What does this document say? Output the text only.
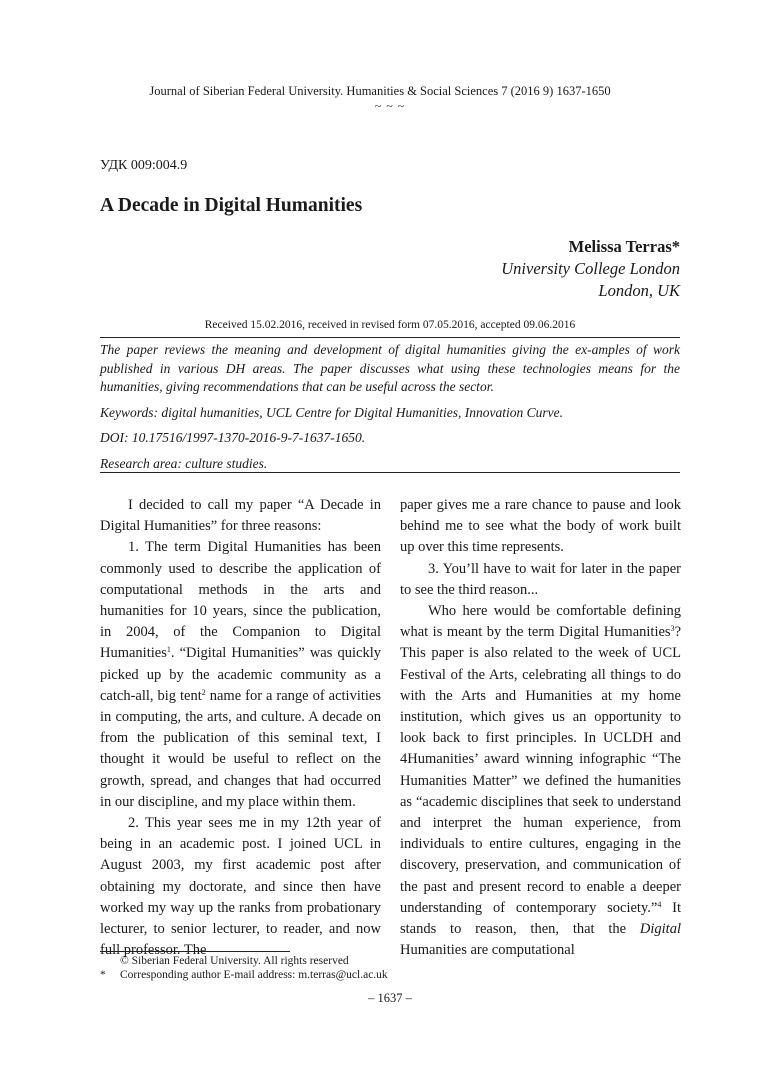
Journal of Siberian Federal University. Humanities & Social Sciences 7 (2016 9) 1637-1650
~ ~ ~
УДК 009:004.9
A Decade in Digital Humanities
Melissa Terras*
University College London
London, UK
Received 15.02.2016, received in revised form 07.05.2016, accepted 09.06.2016

The paper reviews the meaning and development of digital humanities giving the ex-amples of work published in various DH areas. The paper discusses what using these technologies means for the humanities, giving recommendations that can be useful across the sector.

Keywords: digital humanities, UCL Centre for Digital Humanities, Innovation Curve.

DOI: 10.17516/1997-1370-2016-9-7-1637-1650.

Research area: culture studies.

I decided to call my paper “A Decade in Digital Humanities” for three reasons:

1. The term Digital Humanities has been commonly used to describe the application of computational methods in the arts and humanities for 10 years, since the publication, in 2004, of the Companion to Digital Humanities$^1$. “Digital Humanities” was quickly picked up by the academic community as a catch-all, big tent$^2$ name for a range of activities in computing, the arts, and culture. A decade on from the publication of this seminal text, I thought it would be useful to reflect on the growth, spread, and changes that had occurred in our discipline, and my place within them.

2. This year sees me in my 12th year of being in an academic post. I joined UCL in August 2003, my first academic post after obtaining my doctorate, and since then have worked my way up the ranks from probationary lecturer, to senior lecturer, to reader, and now full professor. The

paper gives me a rare chance to pause and look behind me to see what the body of work built up over this time represents.

3. You’ll have to wait for later in the paper to see the third reason...

Who here would be comfortable defining what is meant by the term Digital Humanities$^3$? This paper is also related to the week of UCL Festival of the Arts, celebrating all things to do with the Arts and Humanities at my home institution, which gives us an opportunity to look back to first principles. In UCLDH and 4Humanities’ award winning infographic “The Humanities Matter” we defined the humanities as “academic disciplines that seek to understand and interpret the human experience, from individuals to entire cultures, engaging in the discovery, preservation, and communication of the past and present record to enable a deeper understanding of contemporary society.”$^4$ It stands to reason, then, that the Digital Humanities are computational

© Siberian Federal University. All rights reserved
*	Corresponding author E-mail address: m.terras@ucl.ac.uk
– 1637 –
